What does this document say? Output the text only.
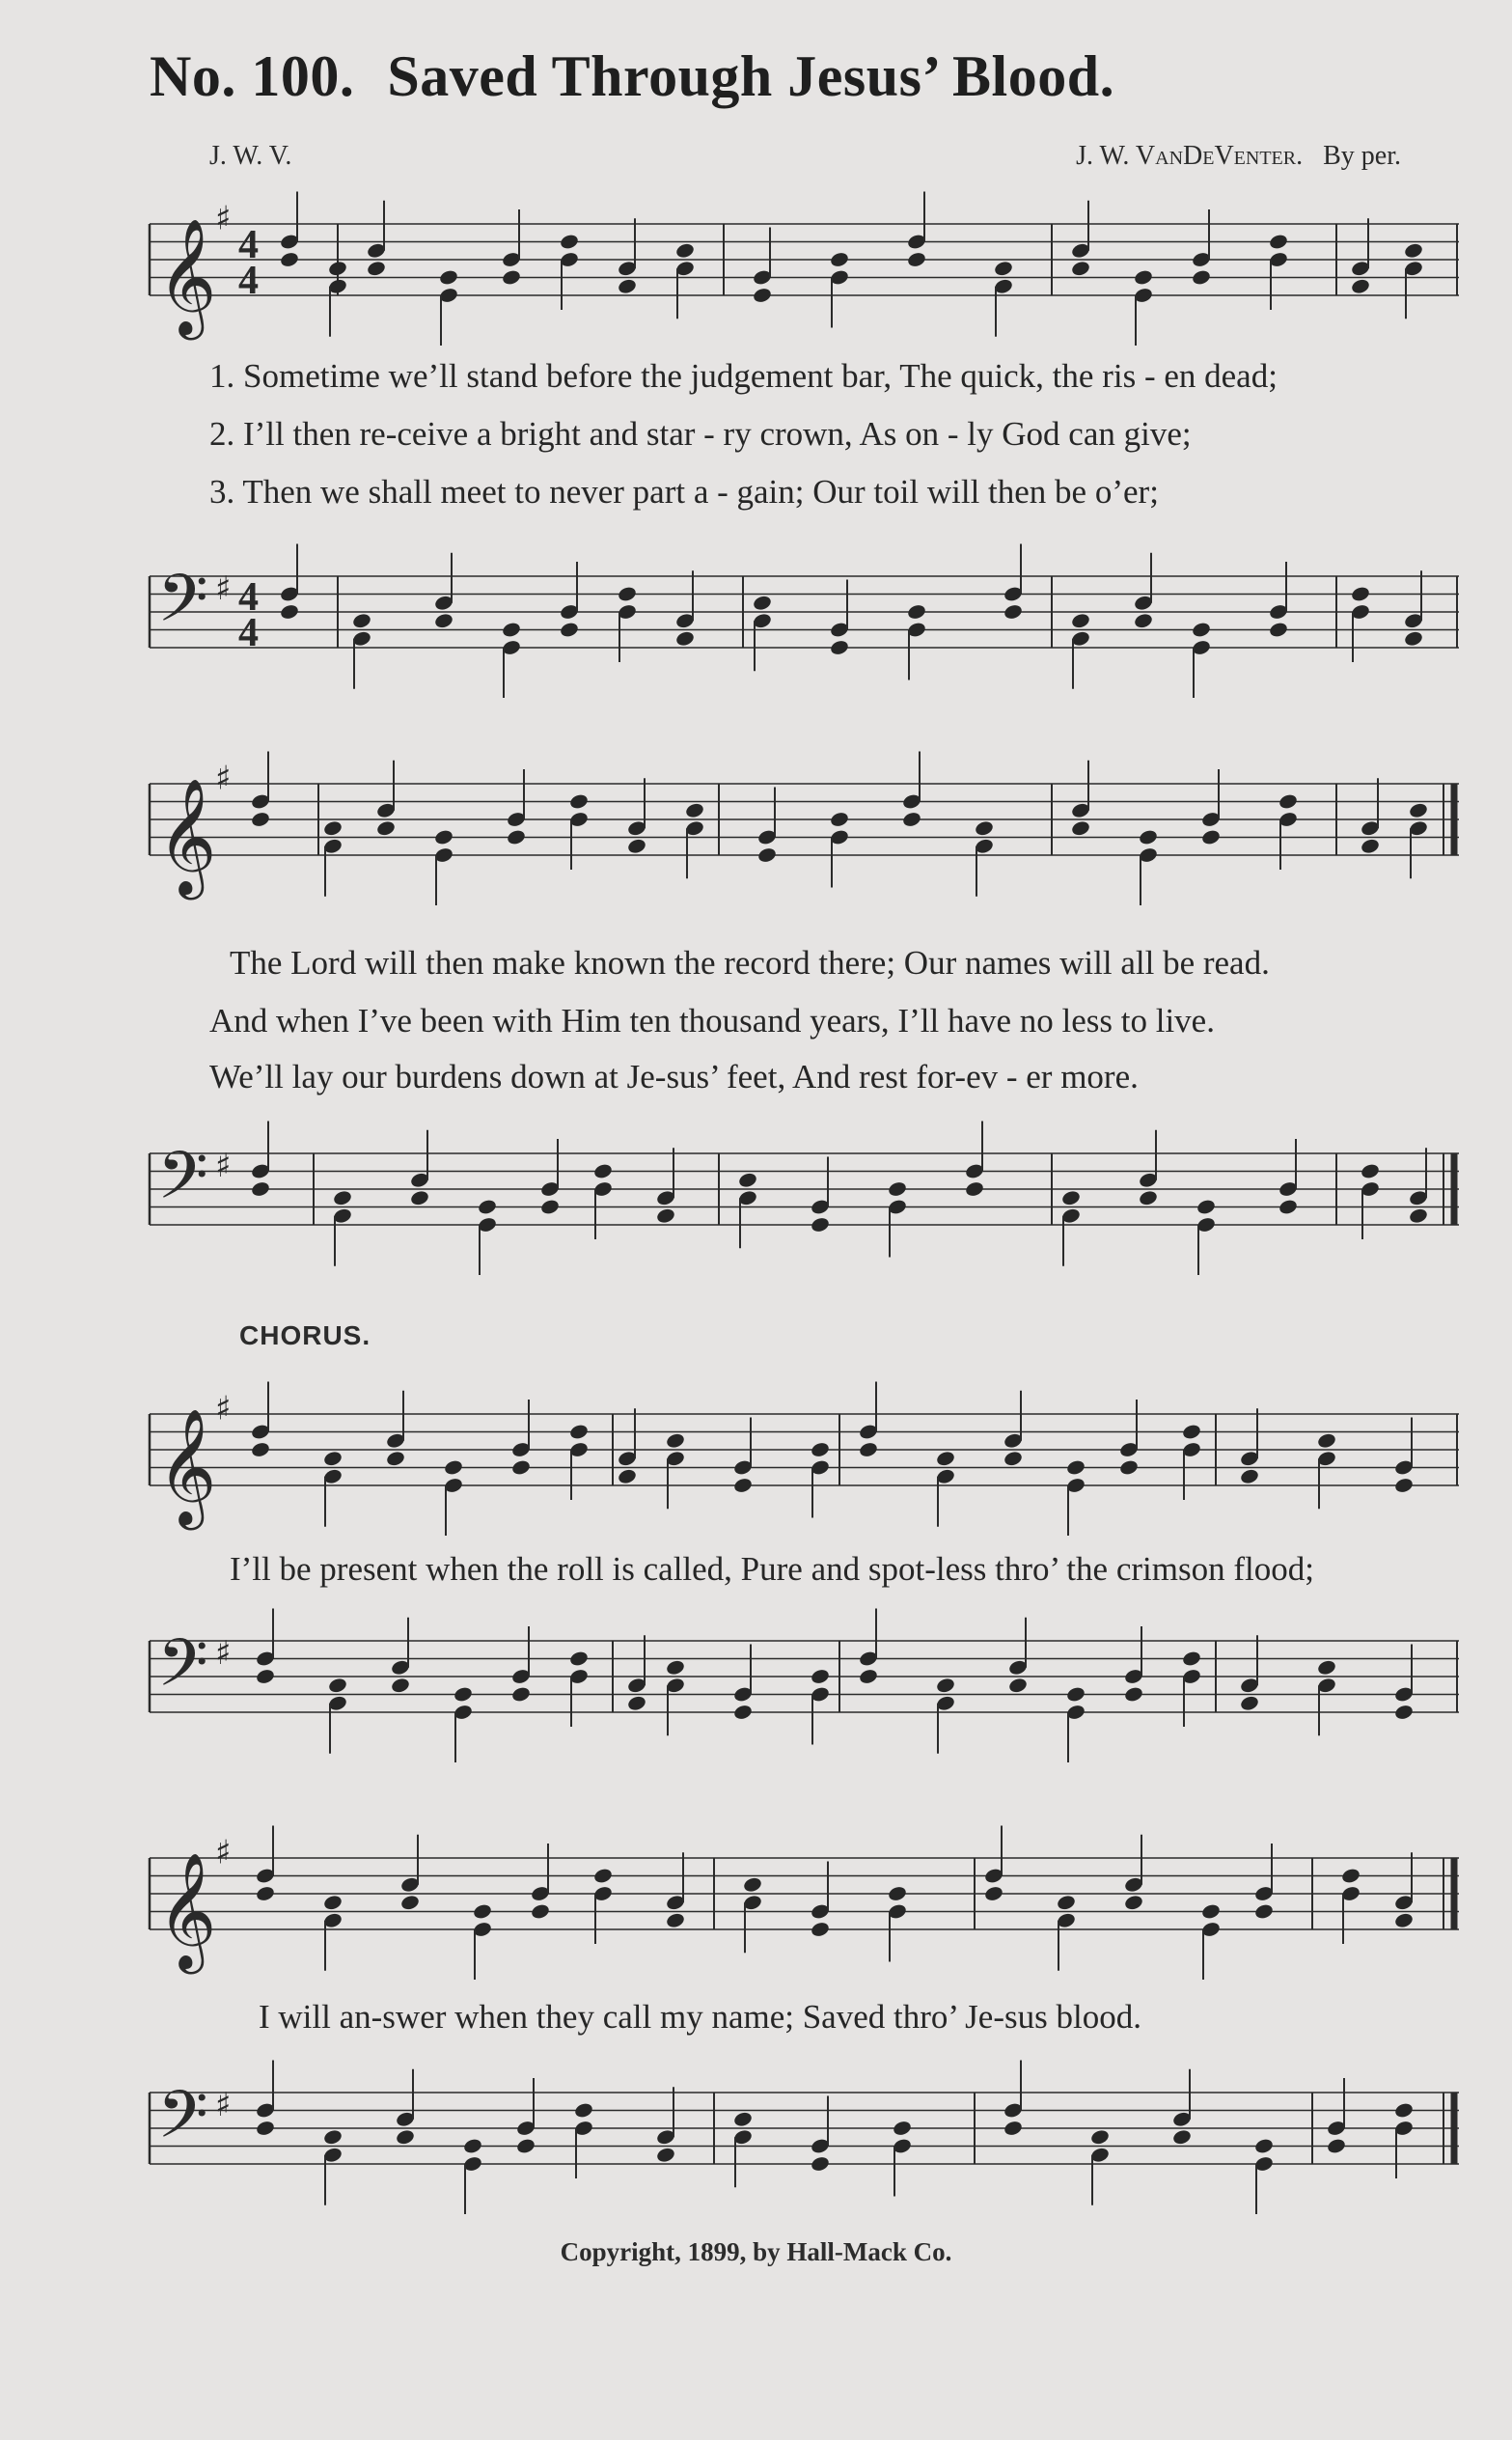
No. 100. Saved Through Jesus’ Blood.
J. W. V.	J. W. VanDeVenter. By per.
𝄞
♯
4
4
1. Sometime we’ll stand before the judgement bar, The quick, the ris - en dead;
2. I’ll then re-ceive a bright and star - ry crown, As on - ly God can give;
3. Then we shall meet to never part a - gain; Our toil will then be o’er;
𝄢 ♯ 4
4
𝄞
♯
The Lord will then make known the record there; Our names will all be read.
And when I’ve been with Him ten thousand years, I’ll have no less to live.
We’ll lay our burdens down at Je-sus’ feet, And rest for-ev - er more.
𝄢 ♯
CHORUS.
𝄞
♯
I’ll be present when the roll is called, Pure and spot-less thro’ the crimson flood;
𝄢 ♯
𝄞
♯
I will an-swer when they call my name; Saved thro’ Je-sus blood.
𝄢 ♯
Copyright, 1899, by Hall-Mack Co.
